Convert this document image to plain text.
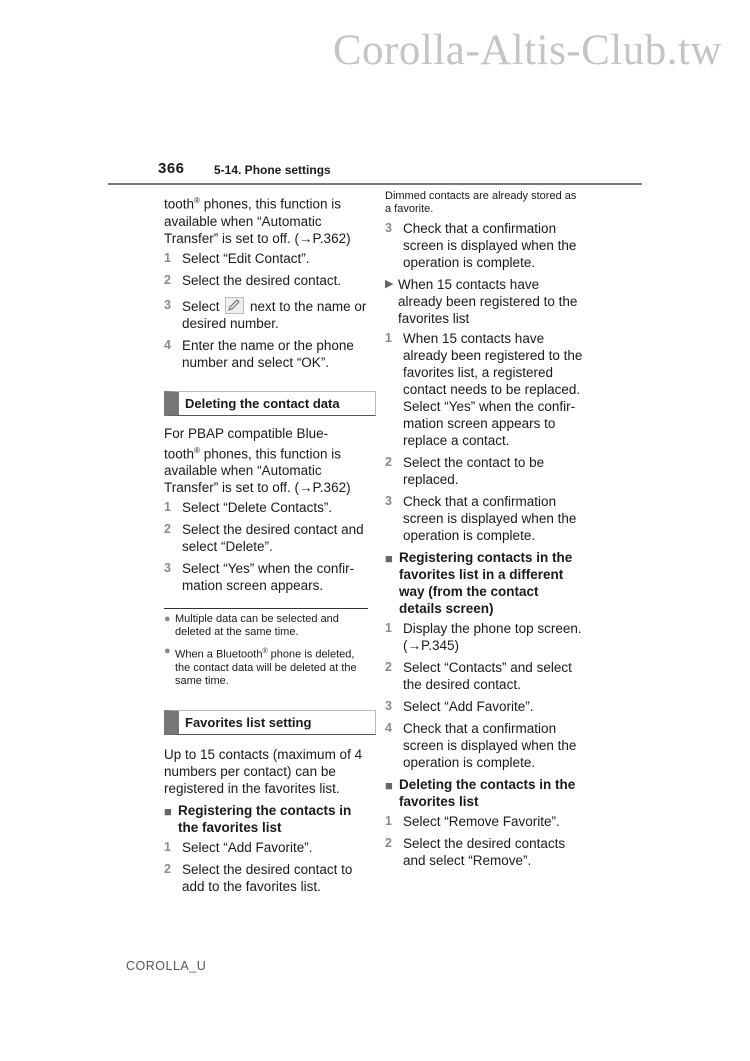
Corolla-Altis-Club.tw
366 5-14. Phone settings

tooth® phones, this function is available when “Automatic Transfer” is set to off. (→P.362)

1 Select “Edit Contact”.
2 Select the desired contact.
3 Select
next to the name or desired number.
4 Enter the name or the phone number and select “OK”.
Deleting the contact data

For PBAP compatible Blue-
tooth® phones, this function is available when “Automatic Transfer” is set to off. (→P.362)

1 Select “Delete Contacts”.
2 Select the desired contact and select “Delete”.
3 Select “Yes” when the confir-mation screen appears.
● Multiple data can be selected and deleted at the same time.
● When a Bluetooth® phone is deleted, the contact data will be deleted at the same time.
Favorites list setting

Up to 15 contacts (maximum of 4 numbers per contact) can be registered in the favorites list.

■ Registering the contacts in the favorites list
1 Select “Add Favorite”.
2 Select the desired contact to add to the favorites list.

Dimmed contacts are already stored as a favorite.

3 Check that a confirmation screen is displayed when the operation is complete.
▶ When 15 contacts have already been registered to the favorites list
1 When 15 contacts have already been registered to the favorites list, a registered contact needs to be replaced. Select “Yes” when the confir-mation screen appears to replace a contact.
2 Select the contact to be replaced.
3 Check that a confirmation screen is displayed when the operation is complete.
■ Registering contacts in the favorites list in a different way (from the contact details screen)
1 Display the phone top screen. (→P.345)
2 Select “Contacts” and select the desired contact.
3 Select “Add Favorite”.
4 Check that a confirmation screen is displayed when the operation is complete.
■ Deleting the contacts in the favorites list
1 Select “Remove Favorite”.
2 Select the desired contacts and select “Remove”.
COROLLA_U
